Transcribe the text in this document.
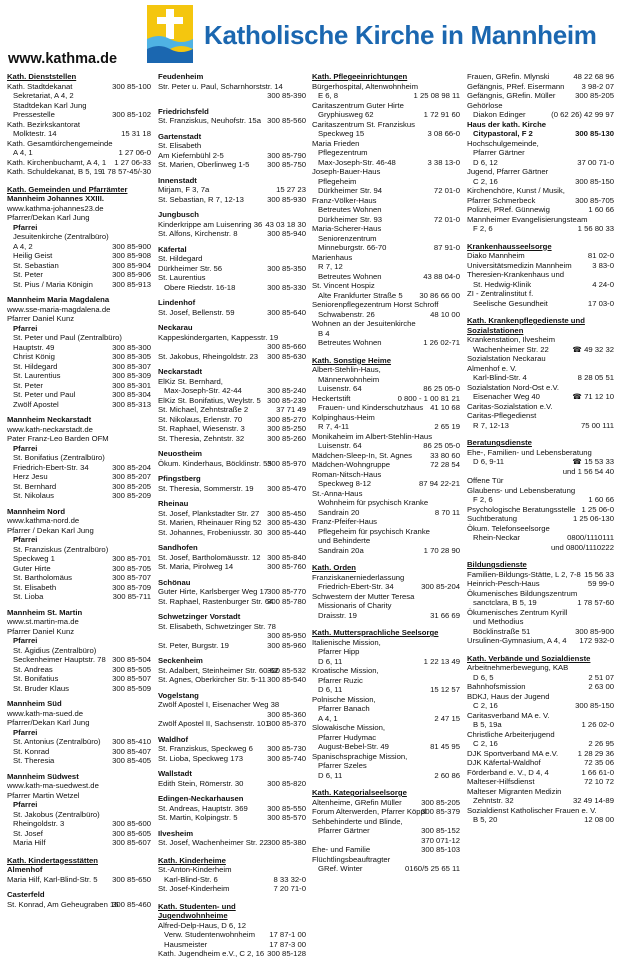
Katholische Kirche in Mannheim
www.kathma.de
Kath. Dienststellen
Kath. Stadtdekanat	300 85-100
Sekretariat, A 4, 2
Stadtdekan Karl Jung
Pressestelle	300 85-102
Kath. Bezirkskantorat
Molktestr. 14	15 31 18
Kath. Gesamtkirchengemeinde
A 4, 1	1 27 06-0
Kath. Kirchenbuchamt, A 4, 1 1 27 06-33
Kath. Schuldekanat, B 5, 19
1 78 57-45/-30
Kath. Gemeinden und Pfarrämter
Mannheim Johannes XXIII.
www.kathma-johannes23.de
Pfarrer/Dekan Karl Jung
Pfarrei
Jesuitenkirche (Zentralbüro)
A 4, 2	300 85-900
Heilig Geist	300 85-908
St. Sebastian	300 85-904
St. Peter	300 85-906
St. Pius / Maria Königin 300 85-913
Mannheim Maria Magdalena
www.sse-maria-magdalena.de
Pfarrer Daniel Kunz
Pfarrei
St. Peter und Paul (Zentralbüro)
Hauptstr. 49	300 85-300
Christ König	300 85-305
St. Hildegard	300 85-307
St. Laurentius	300 85-309
St. Peter	300 85-301
St. Peter und Paul	300 85-304
Zwölf Apostel	300 85-313
Mannheim Neckarstadt
www.kath-neckarstadt.de
Pater Franz-Leo Barden OFM
Pfarrei
St. Bonifatius (Zentralbüro)
Friedrich-Ebert-Str. 34	300 85-204
Herz Jesu	300 85-207
St. Bernhard	300 85-205
St. Nikolaus	300 85-209
Mannheim Nord
www.kathma-nord.de
Pfarrer / Dekan Karl Jung
Pfarrei
St. Franziskus (Zentralbüro)
Speckweg 1	300 85-701
Guter Hirte	300 85-705
St. Bartholomäus	300 85-707
St. Elisabeth	300 85-709
St. Lioba	300 85-711
Mannheim St. Martin
www.st.martin-ma.de
Pfarrer Daniel Kunz
Pfarrei
St. Ägidius (Zentralbüro)
Seckenheimer Hauptstr. 78 300 85-504
St. Andreas	300 85-505
St. Bonifatius	300 85-507
St. Bruder Klaus	300 85-509
Mannheim Süd
www.kath-ma-sued.de
Pfarrer/Dekan Karl Jung
Pfarrei
St. Antonius (Zentralbüro) 300 85-410
St. Konrad	300 85-407
St. Theresia	300 85-405
Mannheim Südwest
www.kath-ma-suedwest.de
Pfarrer Martin Wetzel
Pfarrei
St. Jakobus (Zentralbüro)
Rheingoldstr. 3	300 85-600
St. Josef	300 85-605
Maria Hilf	300 85-607
Kath. Kindertagesstätten
Almenhof
Maria Hilf, Karl-Blind-Str. 5 300 85-650
Casterfeld
St. Konrad, Am Geheugraben 15
300 85-460
Feudenheim
Str. Peter u. Paul, Scharnhorststr. 14
300 85-390
Friedrichsfeld
St. Franziskus, Neuhofstr. 15a 300 85-560
Gartenstadt
St. Elisabeth
Am Kiefernbühl 2-5	300 85-790
St. Marien, Oberlinweg 1-5 300 85-750
Innenstadt
Mirjam, F 3, 7a	15 27 23
St. Sebastian, R 7, 12-13	300 85-930
Jungbusch
Kinderkrippe am Luisenring 36 43 03 18 30
St. Alfons, Kirchenstr. 8	300 85-940
Käfertal
St. Hildegard
Dürkheimer Str. 56	300 85-350
St. Laurentius
Obere Riedstr. 16-18	300 85-330
Lindenhof
St. Josef, Bellenstr. 59	300 85-640
Neckarau
Kappeskindergarten, Kappesstr. 19
300 85-660
St. Jakobus, Rheingoldstr. 23 300 85-630
Neckarstadt
ElKiz St. Bernhard,
Max-Joseph-Str. 42-44	300 85-240
ElKiz St. Bonifatius, Weylstr. 5 300 85-230
St. Michael, Zehntstraße 2	37 71 49
St. Nikolaus, Erlenstr. 70	300 85-270
St. Raphael, Wiesenstr. 3	300 85-250
St. Theresia, Zehntstr. 32	300 85-260
Neuostheim
Ökum. Kinderhaus, Böcklinstr. 55
300 85-970
Pfingstberg
St. Theresia, Sommerstr. 19 300 85-470
Rheinau
St. Josef, Plankstadter Str. 27 300 85-450
St. Marien, Rheinauer Ring 52 300 85-430
St. Johannes, Frobeniusstr. 30 300 85-440
Sandhofen
St. Josef, Bartholomäusstr. 12 300 85-840
St. Maria, Pirolweg 14	300 85-760
Schönau
Guter Hirte, Karlsberger Weg 17 300 85-770
St. Raphael, Rastenburger Str. 64
300 85-780
Schwetzinger Vorstadt
St. Elisabeth, Schwetzinger Str. 78
300 85-950
St. Peter, Burgstr. 19	300 85-960
Seckenheim
St. Adalbert, Steinheimer Str. 60-62
300 85-532
St. Agnes, Oberkircher Str. 5-11 300 85-540
Vogelstang
Zwölf Apostel I, Eisenacher Weg 38
300 85-360
Zwölf Apostel II, Sachsenstr. 101
300 85-370
Waldhof
St. Franziskus, Speckweg 6 300 85-730
St. Lioba, Speckweg 173	300 85-740
Wallstadt
Edith Stein, Römerstr. 30	300 85-820
Edingen-Neckarhausen
St. Andreas, Hauptstr. 369	300 85-550
St. Martin, Kolpingstr. 5	300 85-570
Ilvesheim
St. Josef, Wachenheimer Str. 22 300 85-380
Kath. Kinderheime
St.-Anton-Kinderheim
Karl-Blind-Str. 6	8 33 32-0
St. Josef-Kinderheim	7 20 71-0
Kath. Studenten- und Jugendwohnheime
Alfred-Delp-Haus, D 6, 12
Verw. Studentenwohnheim 17 87-1 00
Hausmeister	17 87-3 00
Kath. Jugendheim e.V., C 2, 16 300 85-128
Kath. Pflegeeinrichtungen
Bürgerhospital, Altenwohnheim
E 6, 8	1 25 08 98 11
Caritaszentrum Guter Hirte
Gryphiusweg 62	1 72 91 60
Caritaszentrum St. Franziskus
Speckweg 15	3 08 66-0
Maria Frieden
Pflegezentrum
Max-Joseph-Str. 46-48	3 38 13-0
Joseph-Bauer-Haus
Pflegeheim
Dürkheimer Str. 94	72 01-0
Franz-Völker-Haus
Betreutes Wohnen
Dürkheimer Str. 93	72 01-0
Maria-Scherer-Haus
Seniorenzentrum
Minneburgstr. 66-70	87 91-0
Marienhaus
R 7, 12
Betreutes Wohnen	43 88 04-0
St. Vincent Hospiz
Alte Frankfurter Straße 5 30 86 66 00
Seniorenpflegezentrum Horst Schroff
Schwabenstr. 26	48 10 00
Wohnen an der Jesuitenkirche
B 4
Betreutes Wohnen	1 26 02-71
Kath. Sonstige Heime
Albert-Stehlin-Haus,
Männerwohnheim
Luisenstr. 64	86 25 05-0
Heckertstift	0 800 - 1 00 81 21
Frauen- und Kinderschutzhaus 41 10 68
Kolpinghaus-Heim
R 7, 4-11	2 65 19
Monikaheim im Albert-Stehlin-Haus
Luisenstr. 64	86 25 05-0
Mädchen-Sleep-In, St. Agnes 33 80 60
Mädchen-Wohngruppe	72 28 54
Roman-Nitsch-Haus
Speckweg 8-12	87 94 22-21
St.-Anna-Haus
Wohnheim für psychisch Kranke
Sandrain 20	8 70 11
Franz-Pfeifer-Haus
Pflegeheim für psychisch Kranke
und Behinderte
Sandrain 20a	1 70 28 90
Kath. Orden
Franziskanerniederlassung
Friedrich-Ebert-Str. 34	300 85-204
Schwestern der Mutter Teresa
Missionaris of Charity
Draisstr. 19	31 66 69
Kath. Muttersprachliche Seelsorge
Italienische Mission,
Pfarrer Hipp
D 6, 11	1 22 13 49
Kroatische Mission,
Pfarrer Ruzic
D 6, 11	15 12 57
Polnische Mission,
Pfarrer Banach
A 4, 1	2 47 15
Slowakische Mission,
Pfarrer Hudymac
August-Bebel-Str. 49	81 45 95
Spanischsprachige Mission,
Pfarrer Szeles
D 6, 11	2 60 86
Kath. Kategorialseelsorge
Altenheime, GRefin Müller	300 85-205
Forum Alterwerden, Pfarrer Köppl
300 85-379
Sehbehinderte und Blinde,
Pfarrer Gärtner	300 85-152
370 071-12
Ehe- und Familie	300 85-103
Flüchtlingsbeauftragter
GRef. Winter	0160/5 25 65 11
Frauen, GRefin. Mlynski	48 22 68 96
Gefängnis, PRef. Eisermann 3 98-2 07
Gefängnis, GRefin. Müller	300 85-205
Gehörlose
Diakon Edinger	(0 62 26) 42 99 97
Haus der kath. Kirche
Citypastoral, F 2	300 85-130
Hochschulgemeinde,
Pfarrer Gärtner
D 6, 12	37 00 71-0
Jugend, Pfarrer Gärtner
C 2, 16	300 85-150
Kirchenchöre, Kunst / Musik,
Pfarrer Schmerbeck	300 85-705
Polizei, PRef. Günnewig	1 60 66
Mannheimer Evangelisierungsteam
F 2, 6	1 56 80 33
Krankenhausseelsorge
Diako Mannheim	81 02-0
Universitätsmedizin Mannheim	3 83-0
Theresien-Krankenhaus und
St. Hedwig-Klinik	4 24-0
ZI - Zentralinstitut f.
Seelische Gesundheit	17 03-0
Kath. Krankenpflegedienste und Sozialstationen
Krankenstation, Ilvesheim
Wachenheimer Str. 22	☎ 49 32 32
Sozialstation Neckarau
Almenhof e. V.
Karl-Blind-Str. 4	8 28 05 51
Sozialstation Nord-Ost e.V.
Eisenacher Weg 40	☎ 71 12 10
Caritas-Sozialstation e.V.
Caritas-Pflegedienst
R 7, 12-13	75 00 111
Beratungsdienste
Ehe-, Familien- und Lebensberatung
D 6, 9-11	☎ 15 53 33
und 1 56 54 40
Offene Tür
Glaubens- und Lebensberatung
F 2, 6	1 60 66
Psychologische Beratungsstelle 1 25 06-0
Suchtberatung	1 25 06-130
Ökum. Telefonseelsorge
Rhein-Neckar	0800/1110111
und 0800/1110222
Bildungsdienste
Familien-Bildungs-Stätte, L 2, 7-8 15 56 33
Heinrich-Pesch-Haus	59 99-0
Ökumenisches Bildungszentrum
sanctclara, B 5, 19	1 78 57-60
Ökumenisches Zentrum Kyrill
und Methodius
Böcklinstraße 51	300 85-900
Ursulinen-Gymnasium, A 4, 4 172 932-0
Kath. Verbände und Sozialdienste
Arbeitnehmerbewegung, KAB
D 6, 5	2 51 07
Bahnhofsmission	2 63 00
BDKJ, Haus der Jugend
C 2, 16	300 85-150
Caritasverband MA e. V.
B 5, 19a	1 26 02-0
Christliche Arbeiterjugend
C 2, 16	2 26 95
DJK Sportverband MA e.V.	1 28 29 36
DJK Käfertal-Waldhof	72 35 06
Förderband e. V., D 4, 4	1 66 61-0
Malteser-Hilfsdienst	72 10 72
Malteser Migranten Medizin
Zehntstr. 32	32 49 14-89
Sozialdienst Katholischer Frauen e. V.
B 5, 20	12 08 00
